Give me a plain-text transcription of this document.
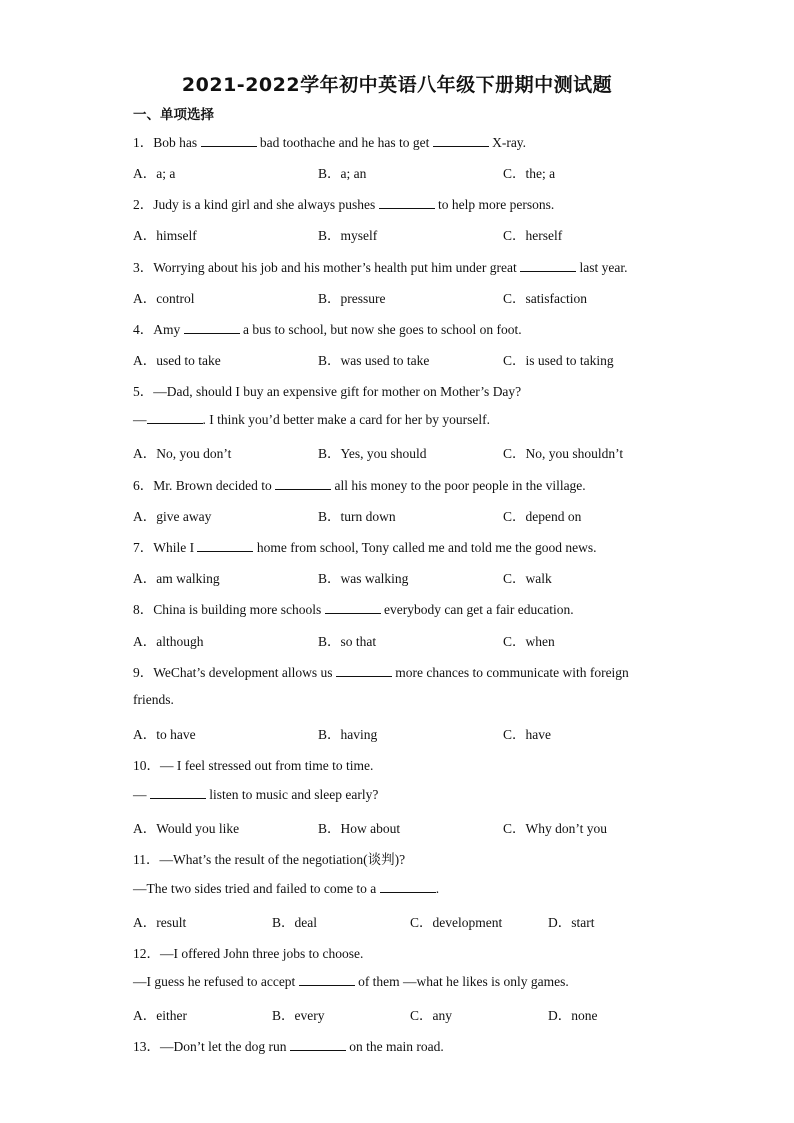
2021-2022学年初中英语八年级下册期中测试题
一、单项选择
1．Bob has	bad toothache and he has to get	X-ray.
A．a; a	B．a; an	C．the; a
2．Judy is a kind girl and she always pushes	to help more persons.
A．himself	B．myself	C．herself
3．Worrying about his job and his mother’s health put him under great	last year.
A．control	B．pressure	C．satisfaction
4．Amy	a bus to school, but now she goes to school on foot.
A．used to take	B．was used to take	C．is used to taking
5．—Dad, should I buy an expensive gift for mother on Mother’s Day?
—	. I think you’d better make a card for her by yourself.
A．No, you don’t	B．Yes, you should	C．No, you shouldn’t
6．Mr. Brown decided to	all his money to the poor people in the village.
A．give away	B．turn down	C．depend on
7．While I	home from school, Tony called me and told me the good news.
A．am walking	B．was walking	C．walk
8．China is building more schools	everybody can get a fair education.
A．although	B．so that	C．when
9．WeChat’s development allows us	more chances to communicate with foreign
friends.
A．to have	B．having	C．have
10．— I feel stressed out from time to time.
—	listen to music and sleep early?
A．Would you like	B．How about	C．Why don’t you
11．—What’s the result of the negotiation(谈判)?
—The two sides tried and failed to come to a	.
A．result	B．deal	C．development	D．start
12．—I offered John three jobs to choose.
—I guess he refused to accept	of them —what he likes is only games.
A．either	B．every	C．any	D．none
13．—Don’t let the dog run	on the main road.
